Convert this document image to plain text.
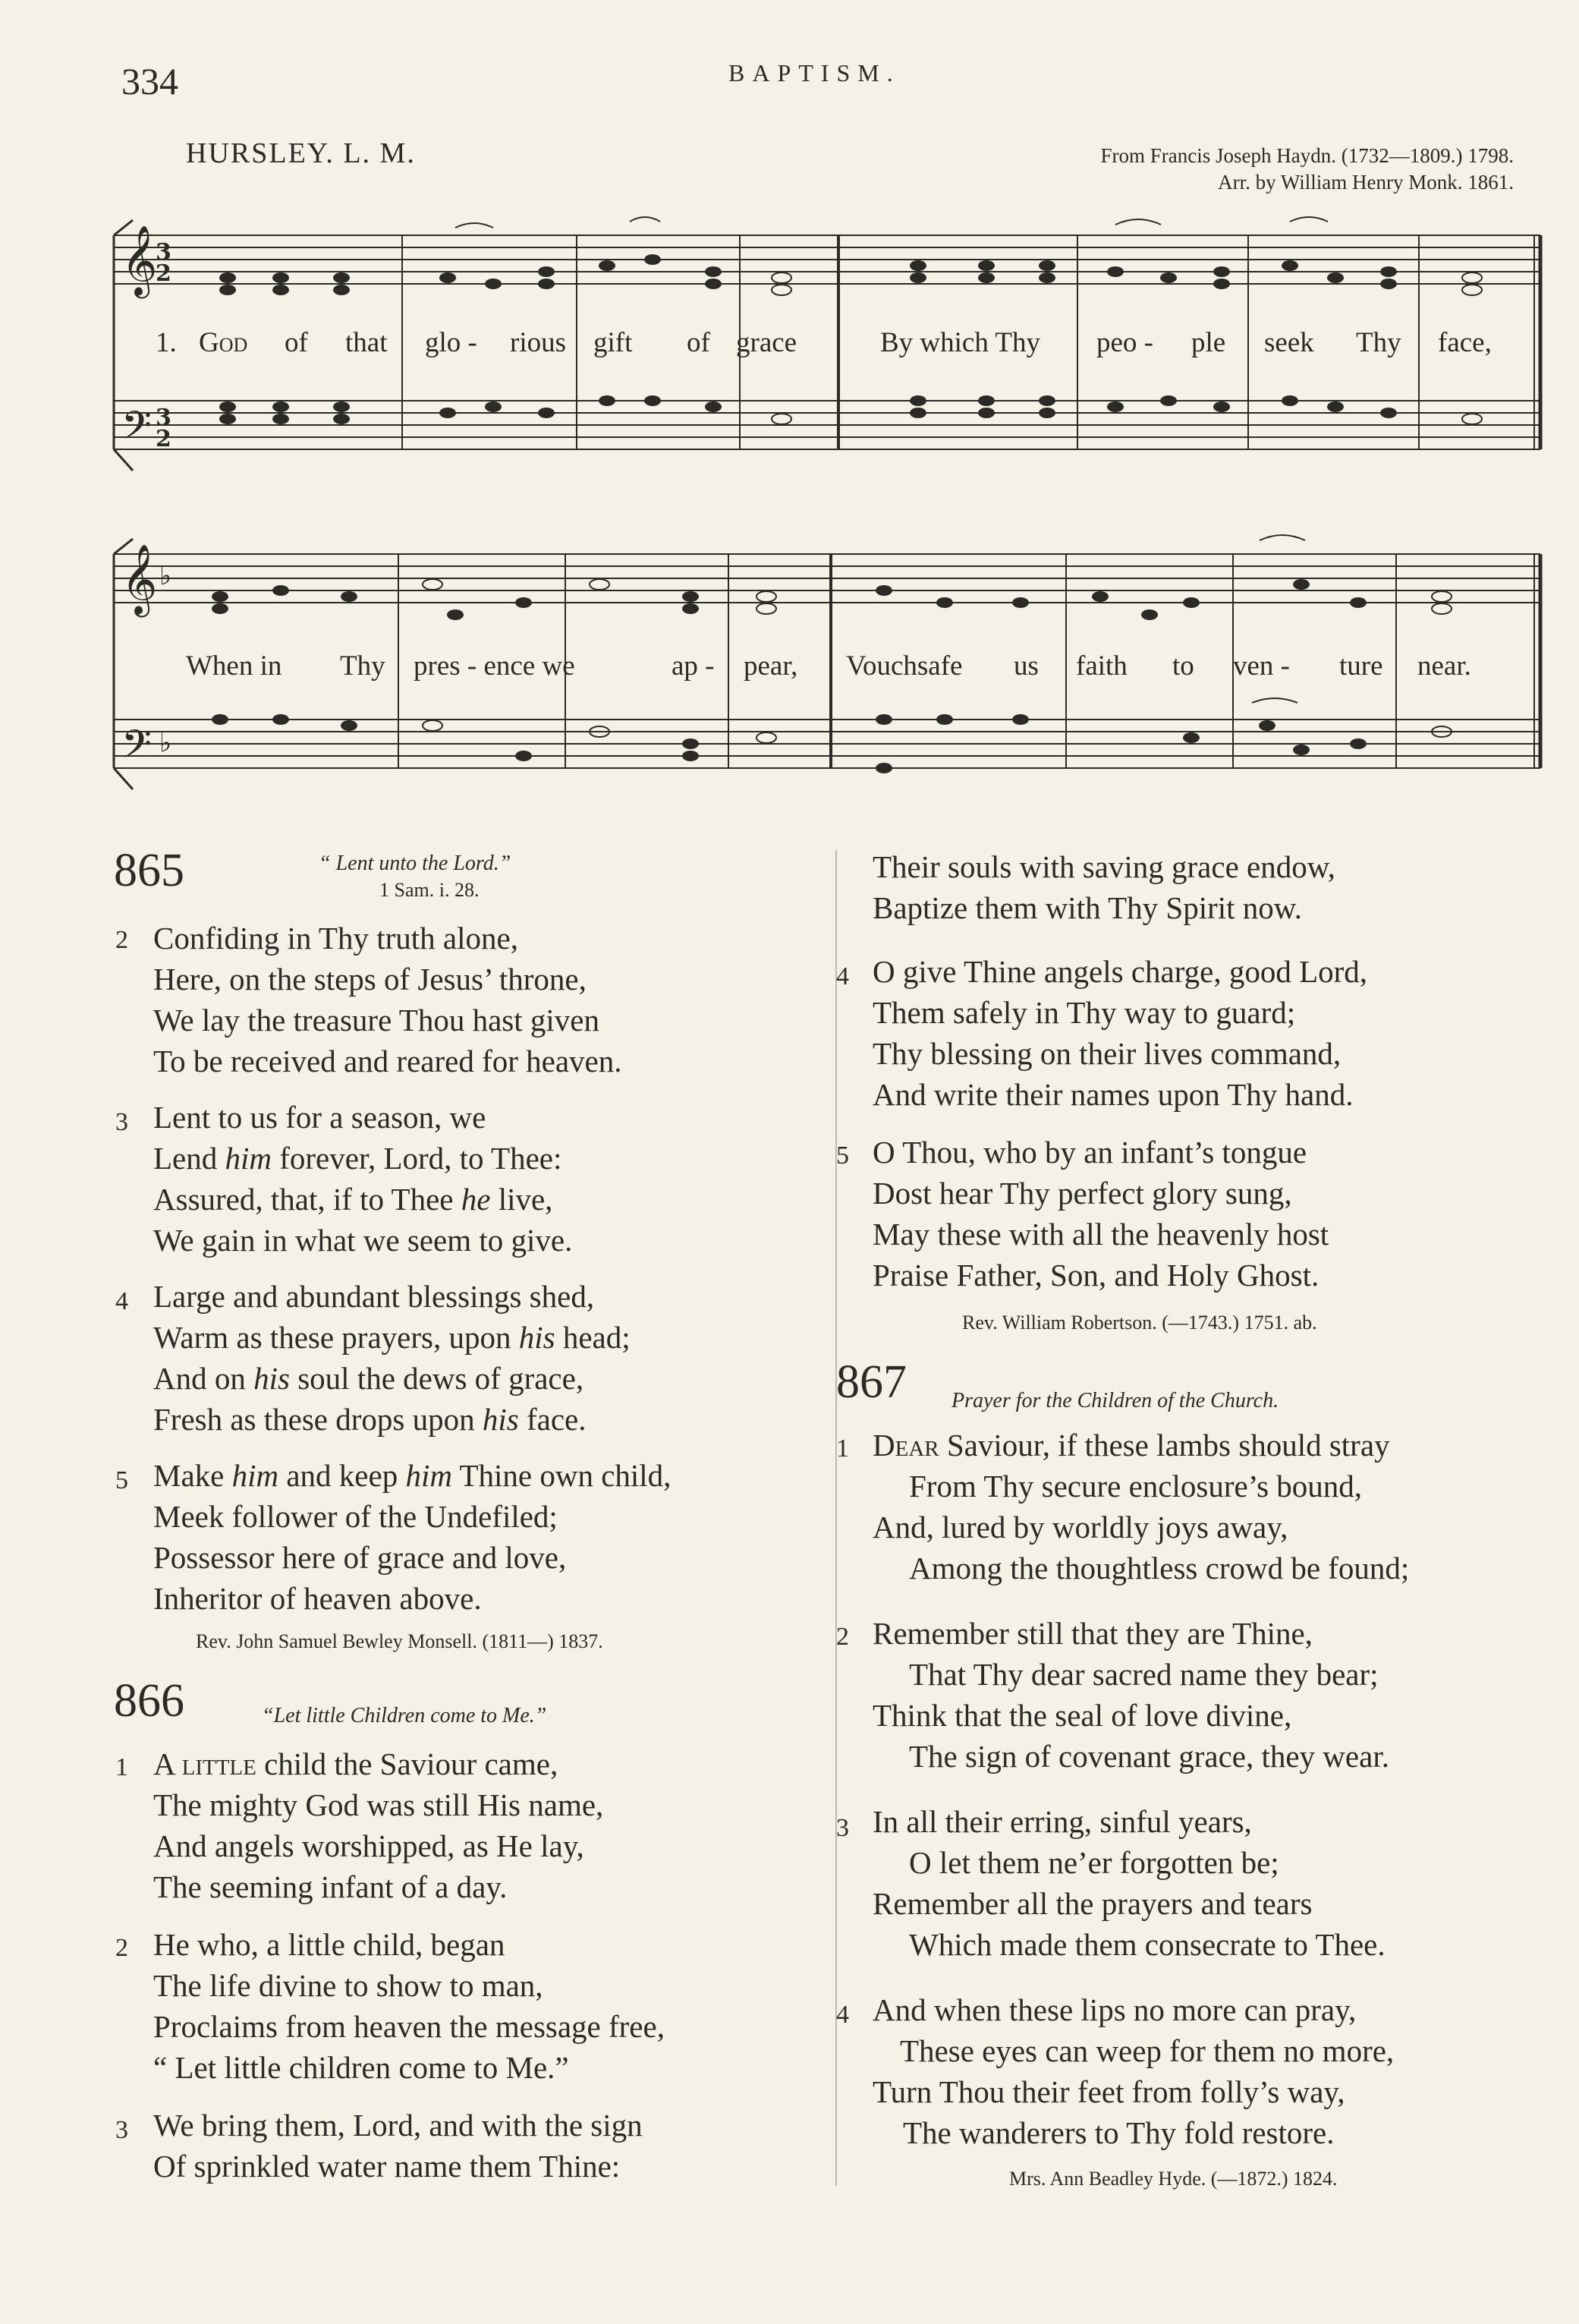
334	BAPTISM.
HURSLEY. L. M.	From Francis Joseph Haydn. (1732—1809.) 1798.
Arr. by William Henry Monk. 1861.
𝄞
𝄢
3
2
3
2
1. God of that glo - rious gift of grace	By which Thy peo - ple seek Thy face,
𝄞
𝄢
♭
♭
When in Thy pres - ence we	ap - pear, Vouchsafe us faith to ven - ture near.
865	“ Lent unto the Lord.”
1 Sam. i. 28.
2 Confiding in Thy truth alone,
Here, on the steps of Jesus’ throne,
We lay the treasure Thou hast given
To be received and reared for heaven.
3 Lent to us for a season, we
Lend him forever, Lord, to Thee:
Assured, that, if to Thee he live,
We gain in what we seem to give.
4 Large and abundant blessings shed,
Warm as these prayers, upon his head;
And on his soul the dews of grace,
Fresh as these drops upon his face.
5 Make him and keep him Thine own child,
Meek follower of the Undefiled;
Possessor here of grace and love,
Inheritor of heaven above.
Rev. John Samuel Bewley Monsell. (1811—) 1837.
866	“Let little Children come to Me.”
1 A little child the Saviour came,
The mighty God was still His name,
And angels worshipped, as He lay,
The seeming infant of a day.
2 He who, a little child, began
The life divine to show to man,
Proclaims from heaven the message free,
“ Let little children come to Me.”
3 We bring them, Lord, and with the sign
Of sprinkled water name them Thine:
Their souls with saving grace endow,
Baptize them with Thy Spirit now.
4 O give Thine angels charge, good Lord,
Them safely in Thy way to guard;
Thy blessing on their lives command,
And write their names upon Thy hand.
5 O Thou, who by an infant’s tongue
Dost hear Thy perfect glory sung,
May these with all the heavenly host
Praise Father, Son, and Holy Ghost.
Rev. William Robertson. (—1743.) 1751. ab.
867 Prayer for the Children of the Church.
1 Dear Saviour, if these lambs should stray
From Thy secure enclosure’s bound,
And, lured by worldly joys away,
Among the thoughtless crowd be found;
2 Remember still that they are Thine,
That Thy dear sacred name they bear;
Think that the seal of love divine,
The sign of covenant grace, they wear.
3 In all their erring, sinful years,
O let them ne’er forgotten be;
Remember all the prayers and tears
Which made them consecrate to Thee.
4 And when these lips no more can pray,
These eyes can weep for them no more,
Turn Thou their feet from folly’s way,
The wanderers to Thy fold restore.
Mrs. Ann Beadley Hyde. (—1872.) 1824.
